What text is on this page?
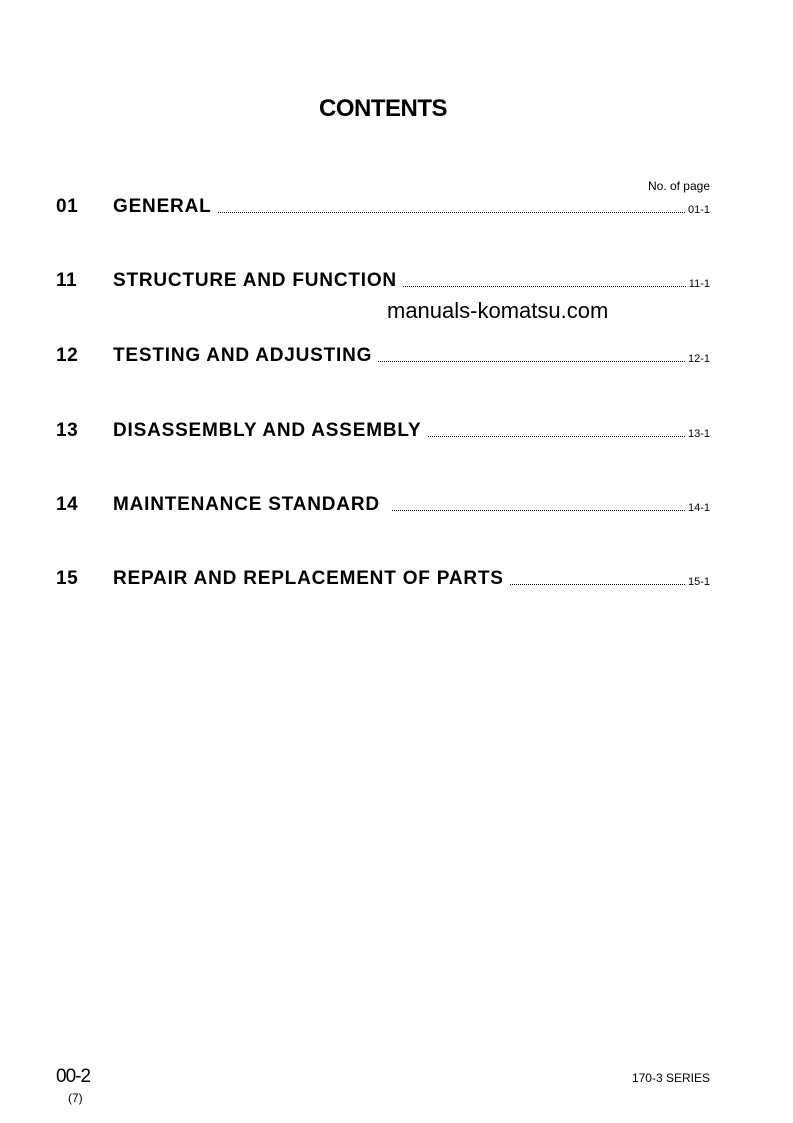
CONTENTS
No. of page
01	GENERAL	01-1
11	STRUCTURE AND FUNCTION	11-1
12	TESTING AND ADJUSTING	12-1
13	DISASSEMBLY AND ASSEMBLY	13-1
14	MAINTENANCE STANDARD	14-1
15	REPAIR AND REPLACEMENT OF PARTS	15-1
manuals-komatsu.com
00-2
(7)
170-3 SERIES
